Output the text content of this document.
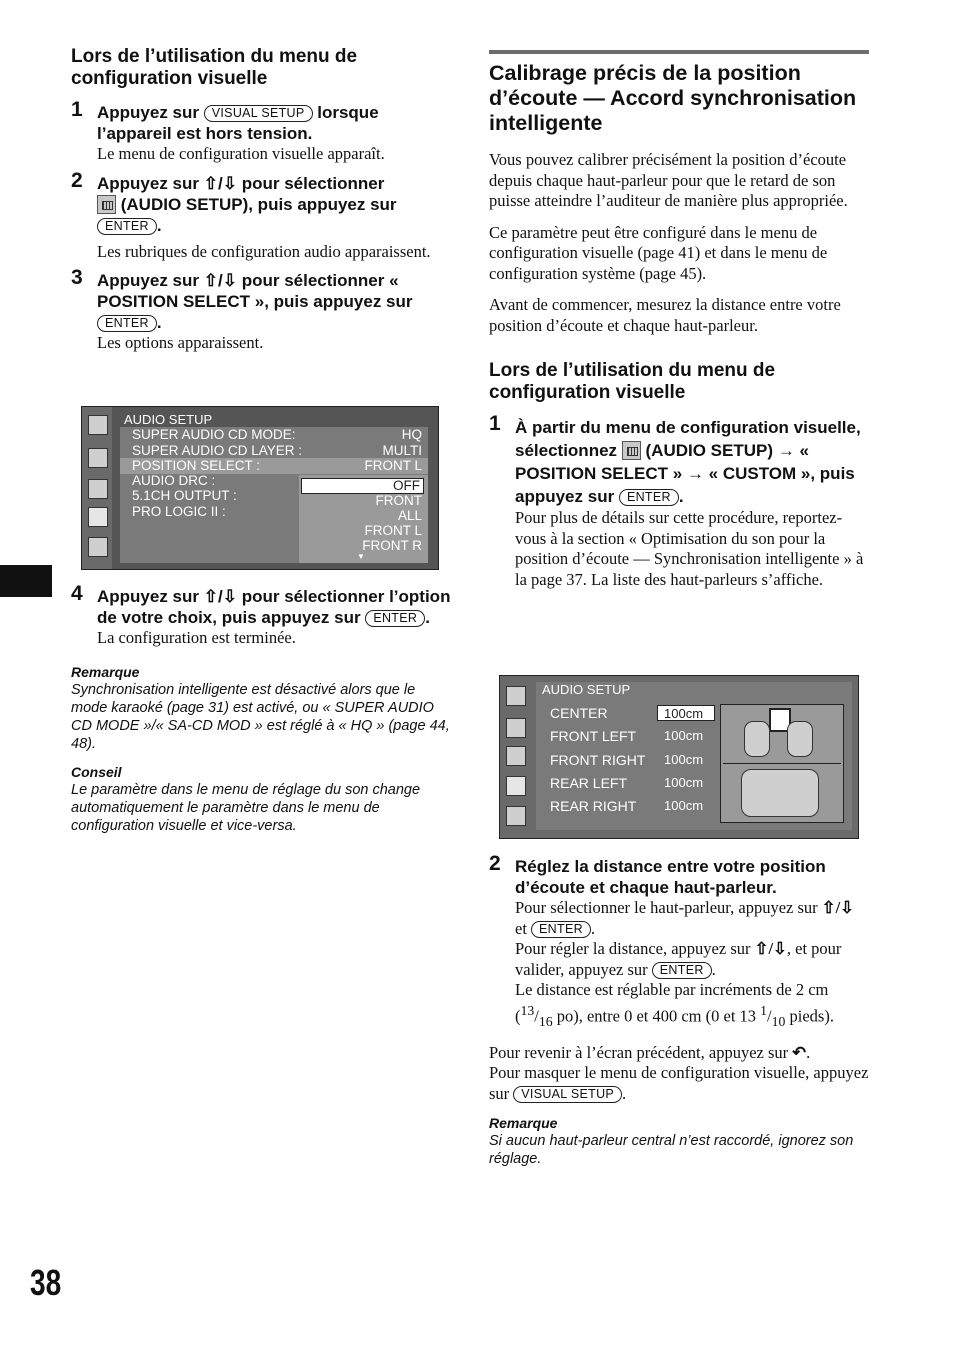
Lors de l’utilisation du menu de configuration visuelle
1 Appuyez sur VISUAL SETUP lorsque l’appareil est hors tension.
Le menu de configuration visuelle apparaît.
2 Appuyez sur ⇧/⇩ pour sélectionner
(AUDIO SETUP), puis appuyez sur
ENTER .
Les rubriques de configuration audio apparaissent.
3 Appuyez sur ⇧/⇩ pour sélectionner « POSITION SELECT », puis appuyez sur ENTER .
Les options apparaissent.
AUDIO SETUP
SUPER AUDIO CD MODE:	HQ
SUPER AUDIO CD LAYER :	MULTI
POSITION SELECT :	FRONT L
AUDIO DRC :
5.1CH OUTPUT :
PRO LOGIC II :
OFF
FRONT
ALL
FRONT L
FRONT R
▼
4 Appuyez sur ⇧/⇩ pour sélectionner l’option de votre choix, puis appuyez sur ENTER .
La configuration est terminée.
Remarque
Synchronisation intelligente est désactivé alors que le mode karaoké (page 31) est activé, ou « SUPER AUDIO CD MODE »/« SA-CD MOD » est réglé à « HQ » (page 44, 48).
Conseil
Le paramètre dans le menu de réglage du son change automatiquement le paramètre dans le menu de configuration visuelle et vice-versa.
Calibrage précis de la position d’écoute — Accord synchronisation intelligente
Vous pouvez calibrer précisément la position d’écoute depuis chaque haut-parleur pour que le retard de son puisse atteindre l’auditeur de manière plus appropriée.
Ce paramètre peut être configuré dans le menu de configuration visuelle (page 41) et dans le menu de configuration système (page 45).
Avant de commencer, mesurez la distance entre votre position d’écoute et chaque haut-parleur.
Lors de l’utilisation du menu de configuration visuelle
1 À partir du menu de configuration visuelle, sélectionnez (AUDIO SETUP) → « POSITION SELECT » → « CUSTOM », puis appuyez sur ENTER .
Pour plus de détails sur cette procédure, reportez-vous à la section « Optimisation du son pour la position d’écoute — Synchronisation intelligente » à la page 37. La liste des haut-parleurs s’affiche.
AUDIO SETUP
CENTER	100cm
FRONT LEFT 100cm
FRONT RIGHT 100cm
REAR LEFT	100cm
REAR RIGHT 100cm
2 Réglez la distance entre votre position d’écoute et chaque haut-parleur.
Pour sélectionner le haut-parleur, appuyez sur ⇧/⇩ et ENTER .
Pour régler la distance, appuyez sur ⇧/⇩, et pour valider, appuyez sur ENTER .
Le distance est réglable par incréments de 2 cm ($^{13}/_{16}$ po), entre 0 et 400 cm (0 et 13 $^1/_{10}$ pieds).
Pour revenir à l’écran précédent, appuyez sur ↶.
Pour masquer le menu de configuration visuelle, appuyez sur VISUAL SETUP .
Remarque
Si aucun haut-parleur central n’est raccordé, ignorez son réglage.
38
